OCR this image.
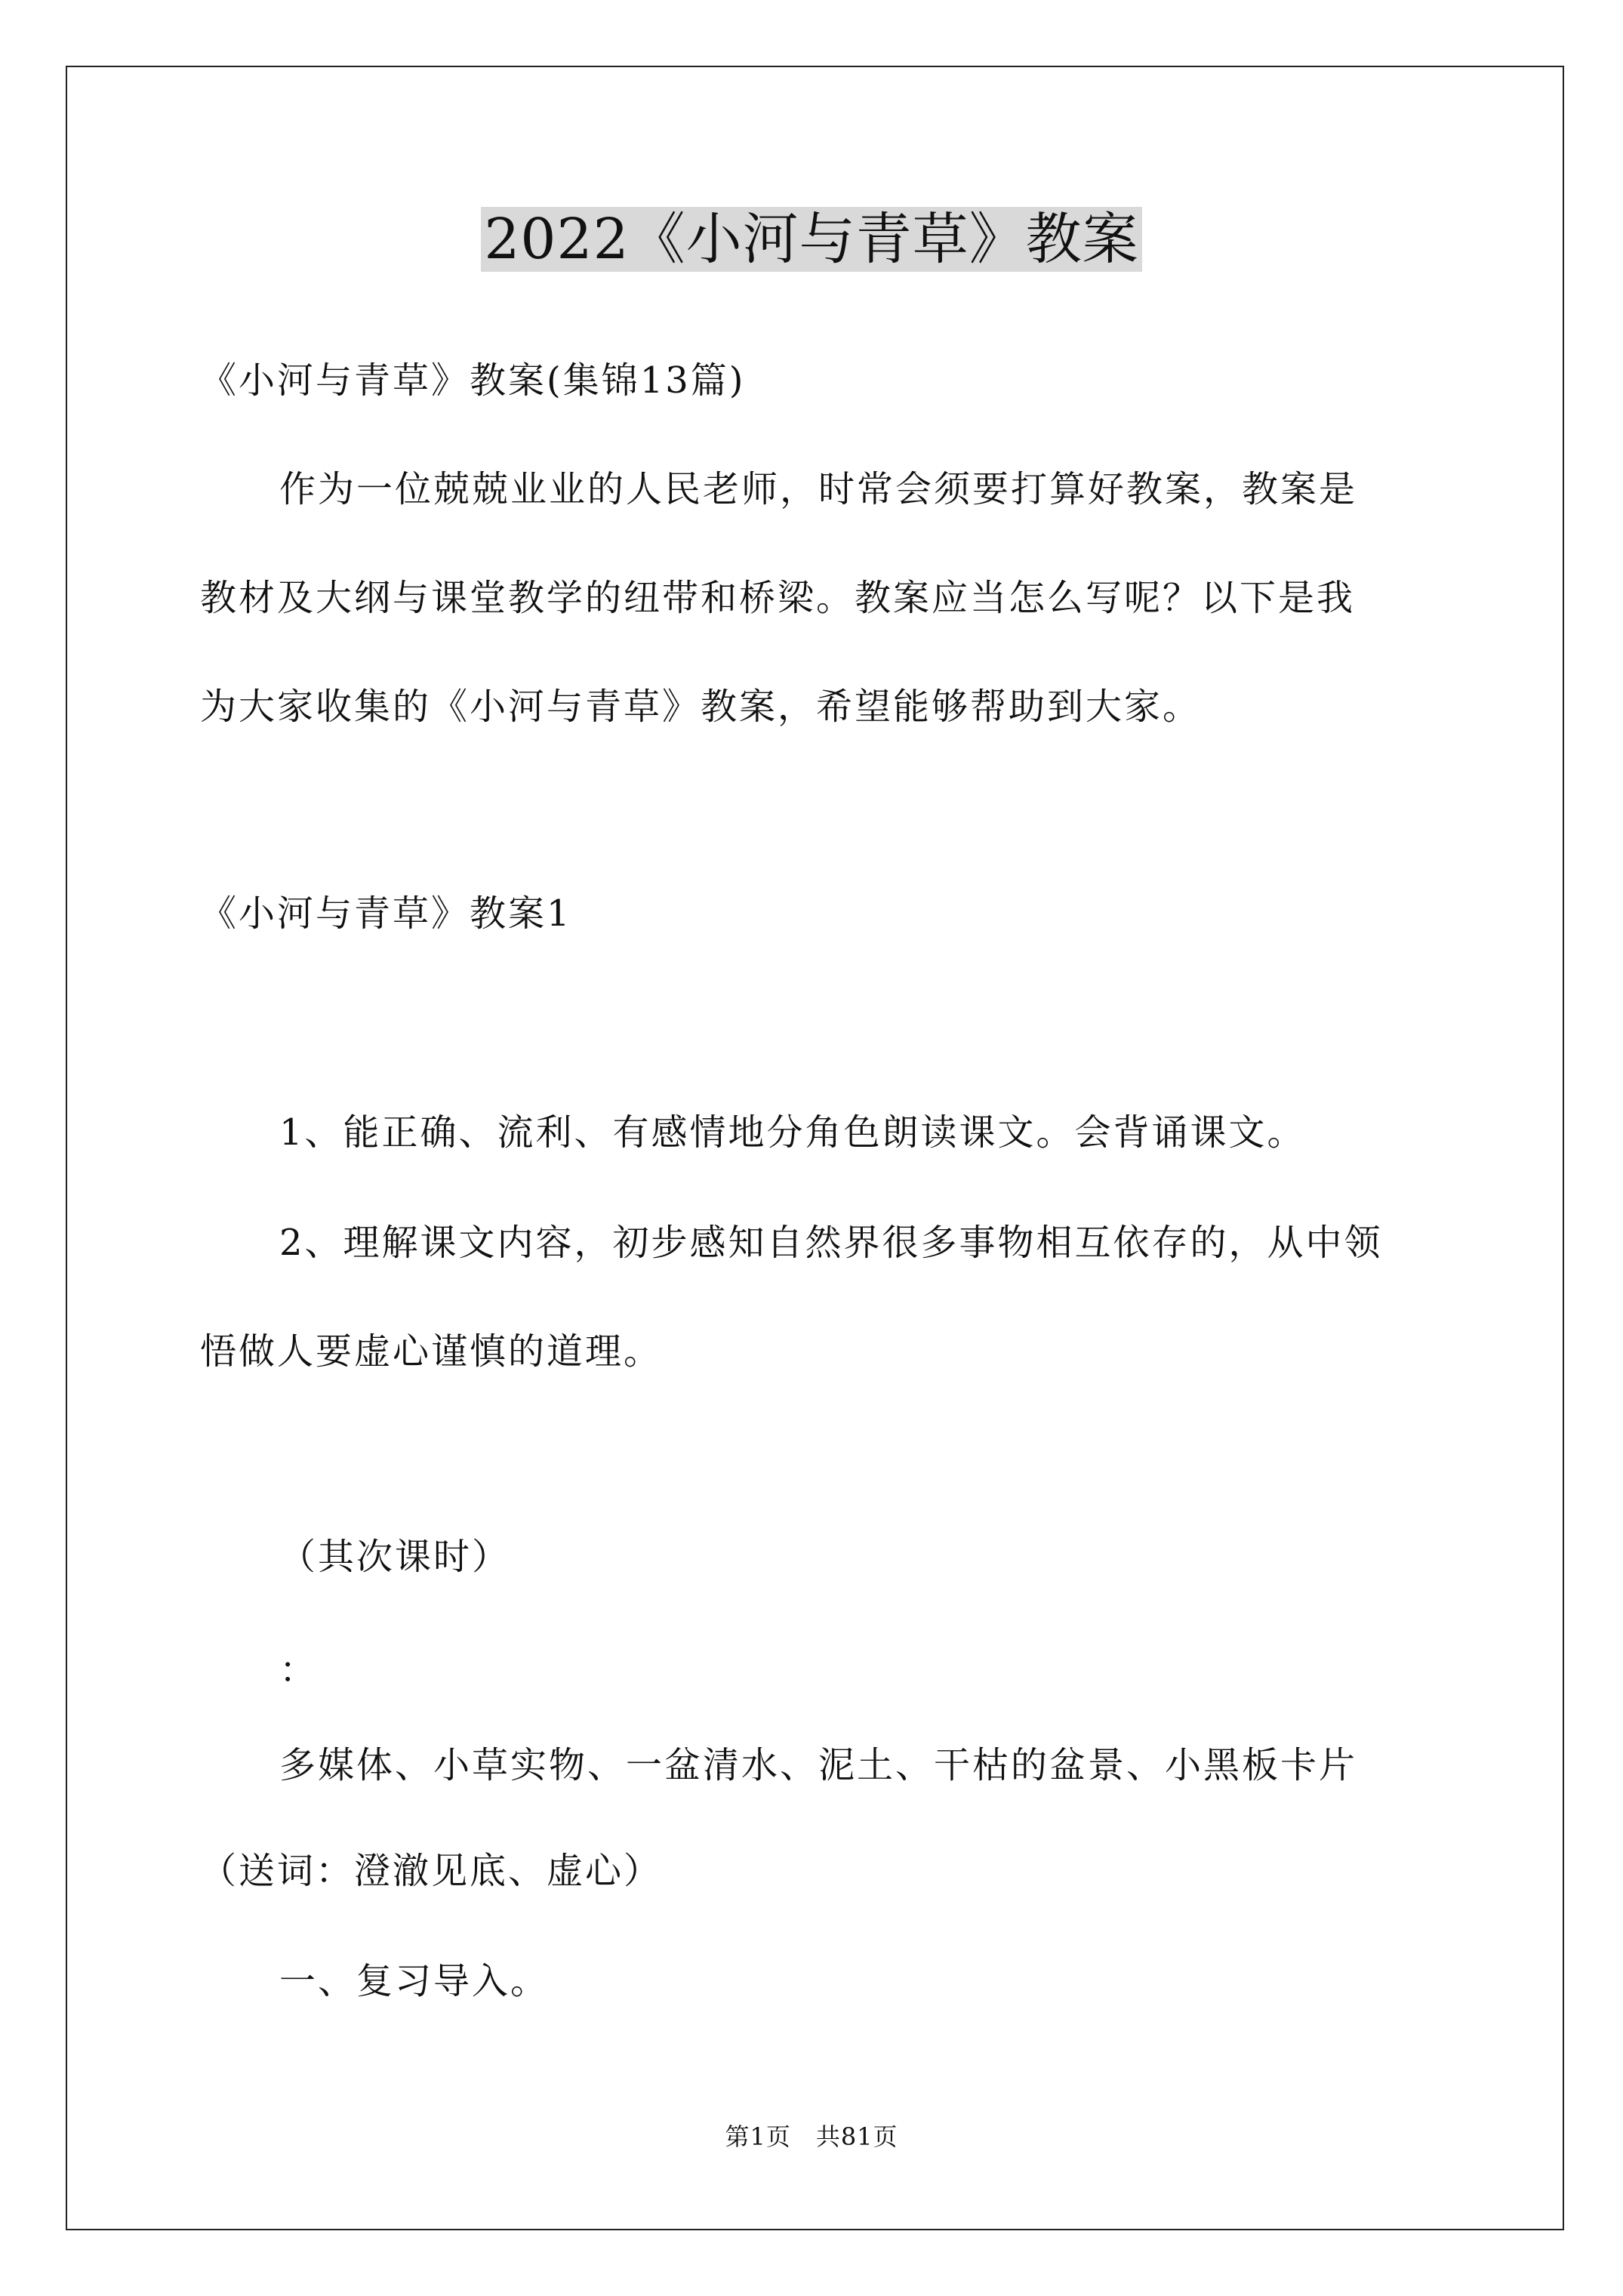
2022《小河与青草》教案
《小河与青草》教案(集锦13篇)
作为一位兢兢业业的人民老师，时常会须要打算好教案，教案是
教材及大纲与课堂教学的纽带和桥梁。教案应当怎么写呢？以下是我
为大家收集的《小河与青草》教案，希望能够帮助到大家。
《小河与青草》教案1
1、能正确、流利、有感情地分角色朗读课文。会背诵课文。
2、理解课文内容，初步感知自然界很多事物相互依存的，从中领
悟做人要虚心谨慎的道理。
（其次课时）
：
多媒体、小草实物、一盆清水、泥土、干枯的盆景、小黑板卡片
（送词：澄澈见底、虚心）
一、复习导入。
第1页　共81页
